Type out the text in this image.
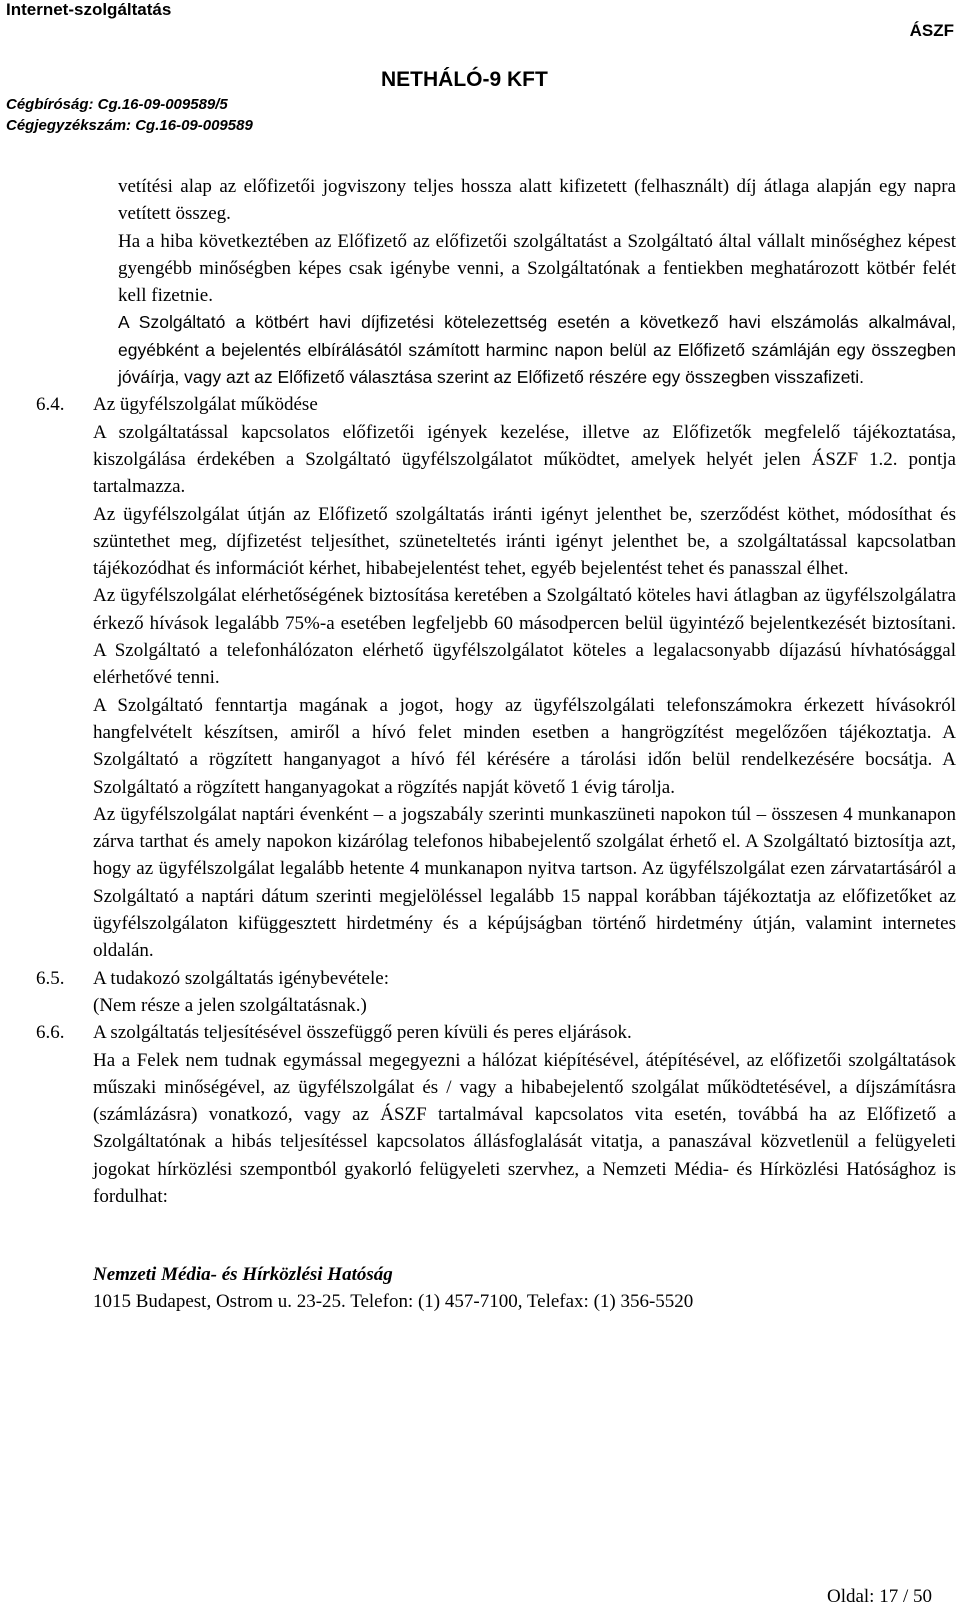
Internet-szolgáltatás
ÁSZF
NETHÁLÓ-9 KFT
Cégbíróság: Cg.16-09-009589/5
Cégjegyzékszám: Cg.16-09-009589

vetítési alap az előfizetői jogviszony teljes hossza alatt kifizetett (felhasznált) díj átlaga alapján egy napra vetített összeg.

Ha a hiba következtében az Előfizető az előfizetői szolgáltatást a Szolgáltató által vállalt minőséghez képest gyengébb minőségben képes csak igénybe venni, a Szolgáltatónak a fentiekben meghatározott kötbér felét kell fizetnie.

A Szolgáltató a kötbért havi díjfizetési kötelezettség esetén a következő havi elszámolás alkalmával, egyébként a bejelentés elbírálásától számított harminc napon belül az Előfizető számláján egy összegben jóváírja, vagy azt az Előfizető választása szerint az Előfizető részére egy összegben visszafizeti.

6.4. Az ügyfélszolgálat működése

A szolgáltatással kapcsolatos előfizetői igények kezelése, illetve az Előfizetők megfelelő tájékoztatása, kiszolgálása érdekében a Szolgáltató ügyfélszolgálatot működtet, amelyek helyét jelen ÁSZF 1.2. pontja tartalmazza.

Az ügyfélszolgálat útján az Előfizető szolgáltatás iránti igényt jelenthet be, szerződést köthet, módosíthat és szüntethet meg, díjfizetést teljesíthet, szüneteltetés iránti igényt jelenthet be, a szolgáltatással kapcsolatban tájékozódhat és információt kérhet, hibabejelentést tehet, egyéb bejelentést tehet és panasszal élhet.

Az ügyfélszolgálat elérhetőségének biztosítása keretében a Szolgáltató köteles havi átlagban az ügyfélszolgálatra érkező hívások legalább 75%-a esetében legfeljebb 60 másodpercen belül ügyintéző bejelentkezését biztosítani. A Szolgáltató a telefonhálózaton elérhető ügyfélszolgálatot köteles a legalacsonyabb díjazású hívhatósággal elérhetővé tenni.

A Szolgáltató fenntartja magának a jogot, hogy az ügyfélszolgálati telefonszámokra érkezett hívásokról hangfelvételt készítsen, amiről a hívó felet minden esetben a hangrögzítést megelőzően tájékoztatja. A Szolgáltató a rögzített hanganyagot a hívó fél kérésére a tárolási időn belül rendelkezésére bocsátja. A Szolgáltató a rögzített hanganyagokat a rögzítés napját követő 1 évig tárolja.

Az ügyfélszolgálat naptári évenként – a jogszabály szerinti munkaszüneti napokon túl – összesen 4 munkanapon zárva tarthat és amely napokon kizárólag telefonos hibabejelentő szolgálat érhető el. A Szolgáltató biztosítja azt, hogy az ügyfélszolgálat legalább hetente 4 munkanapon nyitva tartson. Az ügyfélszolgálat ezen zárvatartásáról a Szolgáltató a naptári dátum szerinti megjelöléssel legalább 15 nappal korábban tájékoztatja az előfizetőket az ügyfélszolgálaton kifüggesztett hirdetmény és a képújságban történő hirdetmény útján, valamint internetes oldalán.

6.5. A tudakozó szolgáltatás igénybevétele:

(Nem része a jelen szolgáltatásnak.)

6.6. A szolgáltatás teljesítésével összefüggő peren kívüli és peres eljárások.

Ha a Felek nem tudnak egymással megegyezni a hálózat kiépítésével, átépítésével, az előfizetői szolgáltatások műszaki minőségével, az ügyfélszolgálat és / vagy a hibabejelentő szolgálat működtetésével, a díjszámításra (számlázásra) vonatkozó, vagy az ÁSZF tartalmával kapcsolatos vita esetén, továbbá ha az Előfizető a Szolgáltatónak a hibás teljesítéssel kapcsolatos állásfoglalását vitatja, a panaszával közvetlenül a felügyeleti jogokat hírközlési szempontból gyakorló felügyeleti szervhez, a Nemzeti Média- és Hírközlési Hatósághoz is fordulhat:

Nemzeti Média- és Hírközlési Hatóság

1015 Budapest, Ostrom u. 23-25. Telefon: (1) 457-7100, Telefax: (1) 356-5520

Oldal: 17 / 50
